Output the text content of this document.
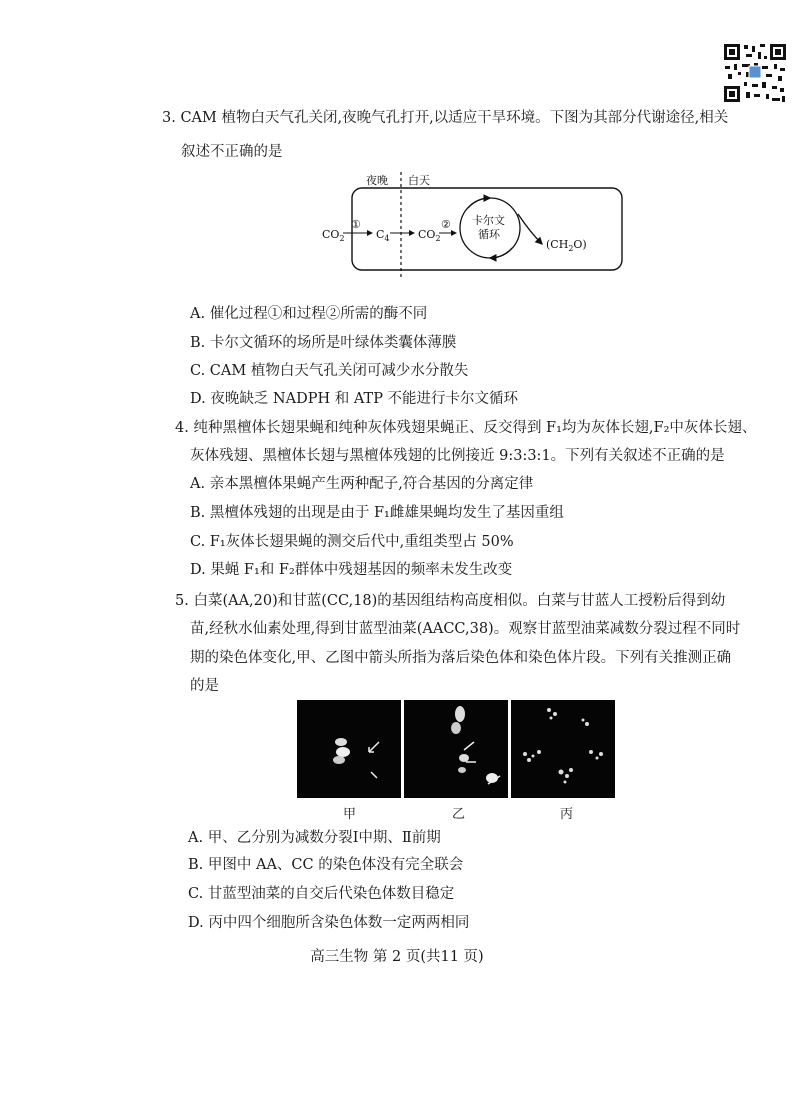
3. CAM 植物白天气孔关闭,夜晚气孔打开,以适应干旱环境。下图为其部分代谢途径,相关
叙述不正确的是
夜晚 白天
$CO_2$
①
$C_4$	$CO_2$
② 卡尔文
循环
$(CH_2O)$
A. 催化过程①和过程②所需的酶不同
B. 卡尔文循环的场所是叶绿体类囊体薄膜
C. CAM 植物白天气孔关闭可减少水分散失
D. 夜晚缺乏 NADPH 和 ATP 不能进行卡尔文循环
4. 纯种黑檀体长翅果蝇和纯种灰体残翅果蝇正、反交得到 F₁均为灰体长翅,F₂中灰体长翅、
灰体残翅、黑檀体长翅与黑檀体残翅的比例接近 9:3:3:1。下列有关叙述不正确的是
A. 亲本黑檀体果蝇产生两种配子,符合基因的分离定律
B. 黑檀体残翅的出现是由于 F₁雌雄果蝇均发生了基因重组
C. F₁灰体长翅果蝇的测交后代中,重组类型占 50%
D. 果蝇 F₁和 F₂群体中残翅基因的频率未发生改变
5. 白菜(AA,20)和甘蓝(CC,18)的基因组结构高度相似。白菜与甘蓝人工授粉后得到幼
苗,经秋水仙素处理,得到甘蓝型油菜(AACC,38)。观察甘蓝型油菜减数分裂过程不同时
期的染色体变化,甲、乙图中箭头所指为落后染色体和染色体片段。下列有关推测正确
的是
甲	乙	丙
A. 甲、乙分别为减数分裂Ⅰ中期、Ⅱ前期
B. 甲图中 AA、CC 的染色体没有完全联会
C. 甘蓝型油菜的自交后代染色体数目稳定
D. 丙中四个细胞所含染色体数一定两两相同
高三生物 第 2 页(共11 页)
